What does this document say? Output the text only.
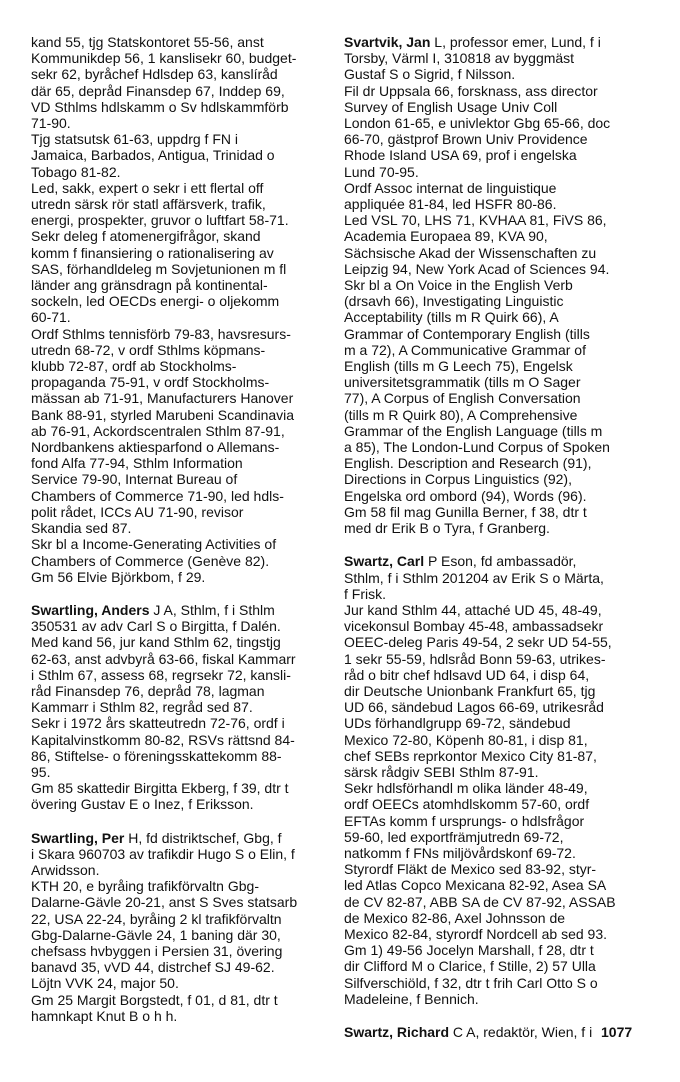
kand 55, tjg Statskontoret 55-56, anst
Kommunikdep 56, 1 kanslisekr 60, budget-
sekr 62, byråchef Hdlsdep 63, kanslíråd
där 65, depråd Finansdep 67, Inddep 69,
VD Sthlms hdlskamm o Sv hdlskammförb
71-90.
Tjg statsutsk 61-63, uppdrg f FN i
Jamaica, Barbados, Antigua, Trinidad o
Tobago 81-82.
Led, sakk, expert o sekr i ett flertal off
utredn särsk rör statl affärsverk, trafik,
energi, prospekter, gruvor o luftfart 58-71.
Sekr deleg f atomenergifrågor, skand
komm f finansiering o rationalisering av
SAS, förhandldeleg m Sovjetunionen m fl
länder ang gränsdragn på kontinental-
sockeln, led OECDs energi- o oljekomm
60-71.
Ordf Sthlms tennisförb 79-83, havsresurs-
utredn 68-72, v ordf Sthlms köpmans-
klubb 72-87, ordf ab Stockholms-
propaganda 75-91, v ordf Stockholms-
mässan ab 71-91, Manufacturers Hanover
Bank 88-91, styrled Marubeni Scandinavia
ab 76-91, Ackordscentralen Sthlm 87-91,
Nordbankens aktiesparfond o Allemans-
fond Alfa 77-94, Sthlm Information
Service 79-90, Internat Bureau of
Chambers of Commerce 71-90, led hdls-
polit rådet, ICCs AU 71-90, revisor
Skandia sed 87.
Skr bl a Income-Generating Activities of
Chambers of Commerce (Genève 82).
Gm 56 Elvie Björkbom, f 29.
Swartling, Anders J A, Sthlm, f i Sthlm
350531 av adv Carl S o Birgitta, f Dalén.
Med kand 56, jur kand Sthlm 62, tingstjg
62-63, anst advbyrå 63-66, fiskal Kammarr
i Sthlm 67, assess 68, regrsekr 72, kansli-
råd Finansdep 76, depråd 78, lagman
Kammarr i Sthlm 82, regråd sed 87.
Sekr i 1972 års skatteutredn 72-76, ordf i
Kapitalvinstkomm 80-82, RSVs rättsnd 84-
86, Stiftelse- o föreningsskattekomm 88-
95.
Gm 85 skattedir Birgitta Ekberg, f 39, dtr t
övering Gustav E o Inez, f Eriksson.
Swartling, Per H, fd distriktschef, Gbg, f
i Skara 960703 av trafikdir Hugo S o Elin, f
Arwidsson.
KTH 20, e byråing trafikförvaltn Gbg-
Dalarne-Gävle 20-21, anst S Sves statsarb
22, USA 22-24, byråing 2 kl trafikförvaltn
Gbg-Dalarne-Gävle 24, 1 baning där 30,
chefsass hvbyggen i Persien 31, övering
banavd 35, vVD 44, distrchef SJ 49-62.
Löjtn VVK 24, major 50.
Gm 25 Margit Borgstedt, f 01, d 81, dtr t
hamnkapt Knut B o h h.
Svartvik, Jan L, professor emer, Lund, f i
Torsby, Värml I, 310818 av byggmäst
Gustaf S o Sigrid, f Nilsson.
Fil dr Uppsala 66, forsknass, ass director
Survey of English Usage Univ Coll
London 61-65, e univlektor Gbg 65-66, doc
66-70, gästprof Brown Univ Providence
Rhode Island USA 69, prof i engelska
Lund 70-95.
Ordf Assoc internat de linguistique
appliquée 81-84, led HSFR 80-86.
Led VSL 70, LHS 71, KVHAA 81, FiVS 86,
Academia Europaea 89, KVA 90,
Sächsische Akad der Wissenschaften zu
Leipzig 94, New York Acad of Sciences 94.
Skr bl a On Voice in the English Verb
(drsavh 66), Investigating Linguistic
Acceptability (tills m R Quirk 66), A
Grammar of Contemporary English (tills
m a 72), A Communicative Grammar of
English (tills m G Leech 75), Engelsk
universitetsgrammatik (tills m O Sager
77), A Corpus of English Conversation
(tills m R Quirk 80), A Comprehensive
Grammar of the English Language (tills m
a 85), The London-Lund Corpus of Spoken
English. Description and Research (91),
Directions in Corpus Linguistics (92),
Engelska ord ombord (94), Words (96).
Gm 58 fil mag Gunilla Berner, f 38, dtr t
med dr Erik B o Tyra, f Granberg.
Swartz, Carl P Eson, fd ambassadör,
Sthlm, f i Sthlm 201204 av Erik S o Märta,
f Frisk.
Jur kand Sthlm 44, attaché UD 45, 48-49,
vicekonsul Bombay 45-48, ambassadsekr
OEEC-deleg Paris 49-54, 2 sekr UD 54-55,
1 sekr 55-59, hdlsråd Bonn 59-63, utrikes-
råd o bitr chef hdlsavd UD 64, i disp 64,
dir Deutsche Unionbank Frankfurt 65, tjg
UD 66, sändebud Lagos 66-69, utrikesråd
UDs förhandlgrupp 69-72, sändebud
Mexico 72-80, Köpenh 80-81, i disp 81,
chef SEBs reprkontor Mexico City 81-87,
särsk rådgiv SEBI Sthlm 87-91.
Sekr hdlsförhandl m olika länder 48-49,
ordf OEECs atomhdlskomm 57-60, ordf
EFTAs komm f ursprungs- o hdlsfrågor
59-60, led exportfrämjutredn 69-72,
natkomm f FNs miljövårdskonf 69-72.
Styrordf Fläkt de Mexico sed 83-92, styr-
led Atlas Copco Mexicana 82-92, Asea SA
de CV 82-87, ABB SA de CV 87-92, ASSAB
de Mexico 82-86, Axel Johnsson de
Mexico 82-84, styrordf Nordcell ab sed 93.
Gm 1) 49-56 Jocelyn Marshall, f 28, dtr t
dir Clifford M o Clarice, f Stille, 2) 57 Ulla
Silfverschiöld, f 32, dtr t frih Carl Otto S o
Madeleine, f Bennich.
Swartz, Richard C A, redaktör, Wien, f i 1077
